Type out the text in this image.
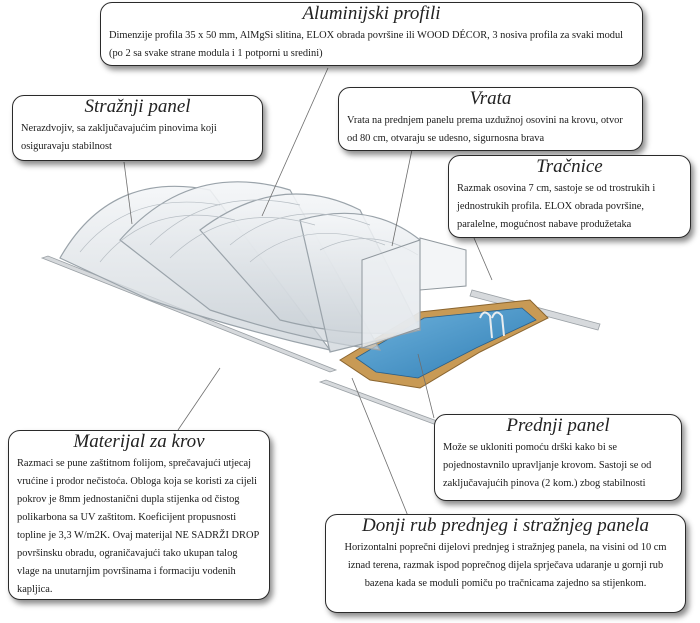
Aluminijski profili

Dimenzije profila 35 x 50 mm, AlMgSi slitina, ELOX obrada površine ili WOOD DÉCOR, 3 nosiva profila za svaki modul (po 2 sa svake strane modula i 1 potporni u sredini)

Stražnji panel

Nerazdvojiv, sa zaključavajućim pinovima koji osiguravaju stabilnost

Vrata

Vrata na prednjem panelu prema uzdužnoj osovini na krovu, otvor od 80 cm, otvaraju se udesno, sigurnosna brava

Tračnice

Razmak osovina 7 cm, sastoje se od trostrukih i jednostrukih profila. ELOX obrada površine, paralelne, mogućnost nabave produžetaka

Materijal za krov

Razmaci se pune zaštitnom folijom, sprečavajući utjecaj vrućine i prodor nečistoća. Obloga koja se koristi za cijeli pokrov je 8mm jednostanični dupla stijenka od čistog polikarbona sa UV zaštitom. Koeficijent propusnosti topline je 3,3 W/m2K. Ovaj materijal NE SADRŽI DROP površinsku obradu, ograničavajući tako ukupan talog vlage na unutarnjim površinama i formaciju vodenih kapljica.

Prednji panel

Može se ukloniti pomoću drški kako bi se pojednostavnilo upravljanje krovom. Sastoji se od zaključavajućih pinova (2 kom.) zbog stabilnosti

Donji rub prednjeg i stražnjeg panela

Horizontalni poprečni dijelovi prednjeg i stražnjeg panela, na visini od 10 cm iznad terena, razmak ispod poprečnog dijela sprječava udaranje u gornji rub bazena kada se moduli pomiču po tračnicama zajedno sa stijenkom.
